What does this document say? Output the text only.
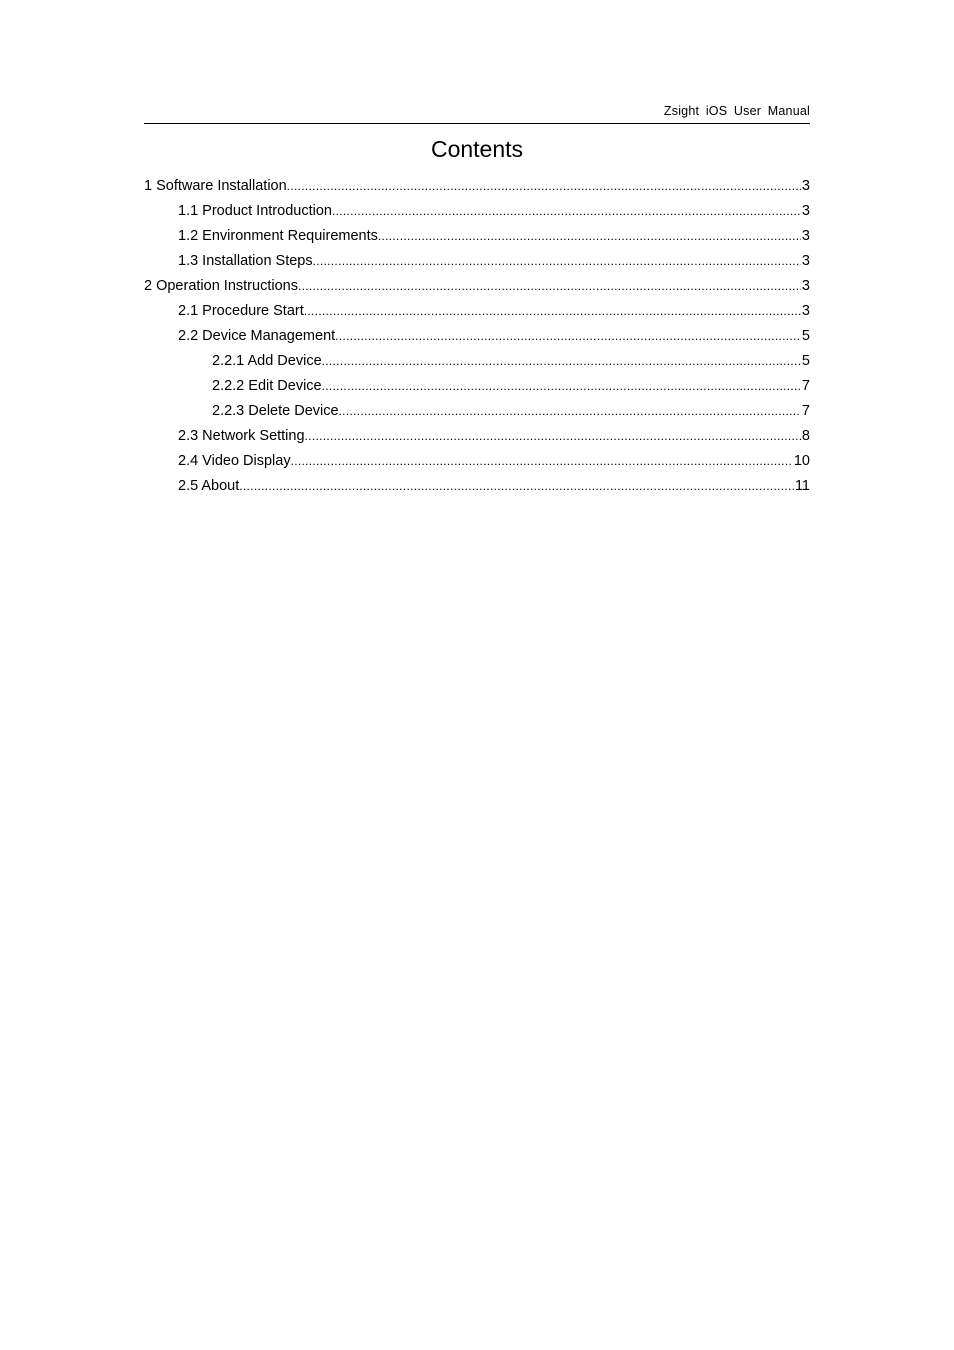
Zsight iOS User Manual
Contents
1 Software Installation .....	3
1.1 Product Introduction .....	3
1.2 Environment Requirements .....	3
1.3 Installation Steps .....	3
2 Operation Instructions .....	3
2.1 Procedure Start .....	3
2.2 Device Management .....	5
2.2.1 Add Device .....	5
2.2.2 Edit Device .....	7
2.2.3 Delete Device .....	7
2.3 Network Setting .....	8
2.4 Video Display .....	10
2.5 About .....	11
